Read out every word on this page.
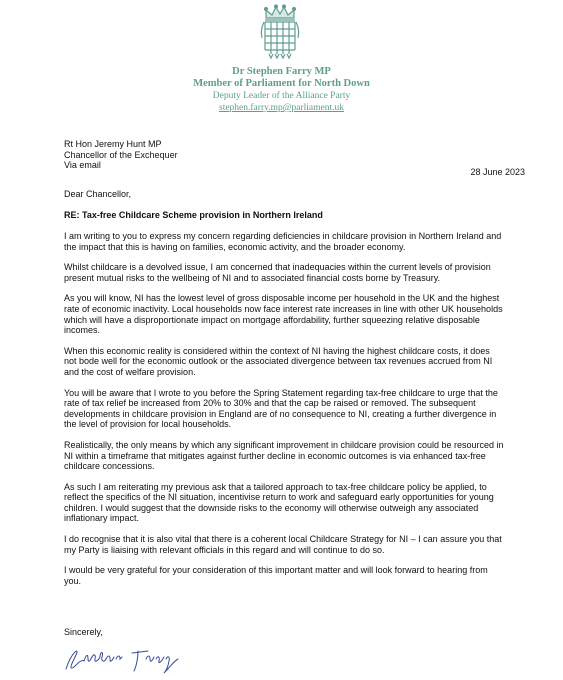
Dr Stephen Farry MP
Member of Parliament for North Down
Deputy Leader of the Alliance Party
stephen.farry.mp@parliament.uk
Rt Hon Jeremy Hunt MP
Chancellor of the Exchequer
Via email
28 June 2023
Dear Chancellor,
RE: Tax-free Childcare Scheme provision in Northern Ireland

I am writing to you to express my concern regarding deficiencies in childcare provision in Northern Ireland and the impact that this is having on families, economic activity, and the broader economy.

Whilst childcare is a devolved issue, I am concerned that inadequacies within the current levels of provision present mutual risks to the wellbeing of NI and to associated financial costs borne by Treasury.

As you will know, NI has the lowest level of gross disposable income per household in the UK and the highest rate of economic inactivity. Local households now face interest rate increases in line with other UK households which will have a disproportionate impact on mortgage affordability, further squeezing relative disposable incomes.

When this economic reality is considered within the context of NI having the highest childcare costs, it does not bode well for the economic outlook or the associated divergence between tax revenues accrued from NI and the cost of welfare provision.

You will be aware that I wrote to you before the Spring Statement regarding tax-free childcare to urge that the rate of tax relief be increased from 20% to 30% and that the cap be raised or removed. The subsequent developments in childcare provision in England are of no consequence to NI, creating a further divergence in the level of provision for local households.

Realistically, the only means by which any significant improvement in childcare provision could be resourced in NI within a timeframe that mitigates against further decline in economic outcomes is via enhanced tax-free childcare concessions.

As such I am reiterating my previous ask that a tailored approach to tax-free childcare policy be applied, to reflect the specifics of the NI situation, incentivise return to work and safeguard early opportunities for young children. I would suggest that the downside risks to the economy will otherwise outweigh any associated inflationary impact.

I do recognise that it is also vital that there is a coherent local Childcare Strategy for NI – I can assure you that my Party is liaising with relevant officials in this regard and will continue to do so.

I would be very grateful for your consideration of this important matter and will look forward to hearing from you.

Sincerely,
